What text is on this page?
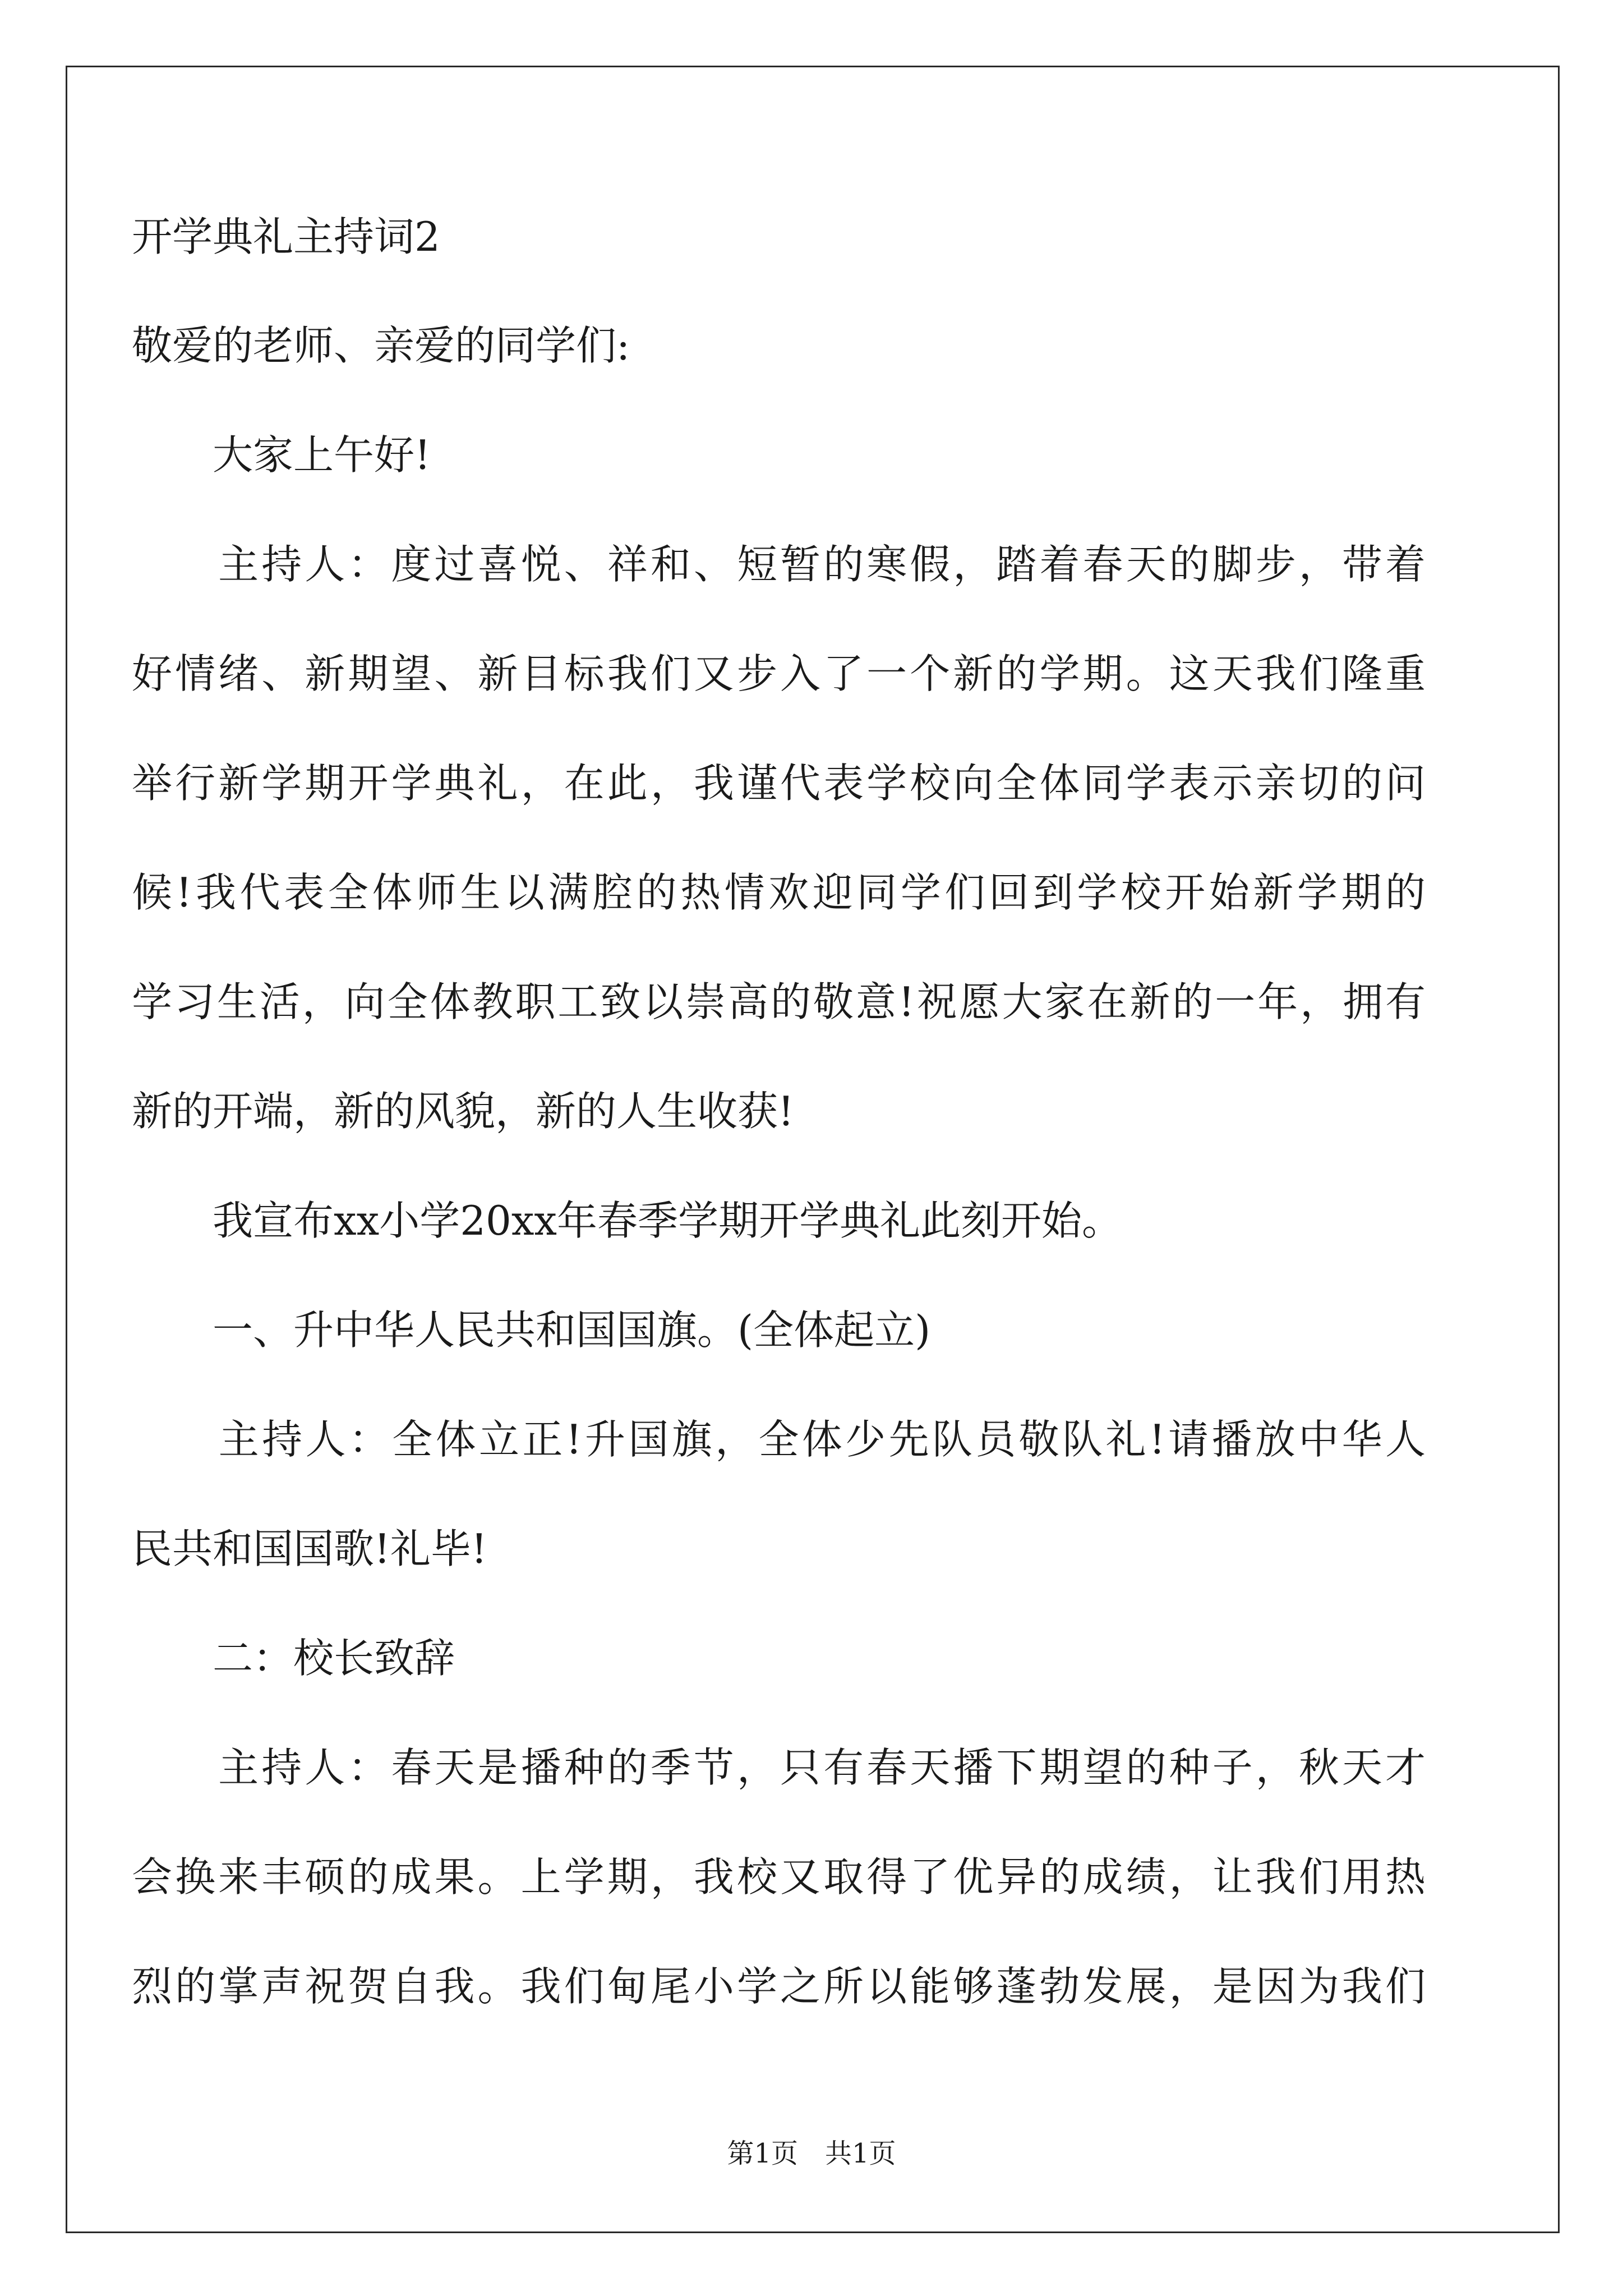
开学典礼主持词2
敬爱的老师、亲爱的同学们:
　　大家上午好!
　　主持人：度过喜悦、祥和、短暂的寒假，踏着春天的脚步，带着
好情绪、新期望、新目标我们又步入了一个新的学期。这天我们隆重
举行新学期开学典礼，在此，我谨代表学校向全体同学表示亲切的问
候!我代表全体师生以满腔的热情欢迎同学们回到学校开始新学期的
学习生活，向全体教职工致以崇高的敬意!祝愿大家在新的一年，拥有
新的开端，新的风貌，新的人生收获!
　　我宣布xx小学20xx年春季学期开学典礼此刻开始。
　　一、升中华人民共和国国旗。(全体起立)
　　主持人：全体立正!升国旗，全体少先队员敬队礼!请播放中华人
民共和国国歌!礼毕!
　　二：校长致辞
　　主持人：春天是播种的季节，只有春天播下期望的种子，秋天才
会换来丰硕的成果。上学期，我校又取得了优异的成绩，让我们用热
烈的掌声祝贺自我。我们甸尾小学之所以能够蓬勃发展，是因为我们
第1页　共1页
